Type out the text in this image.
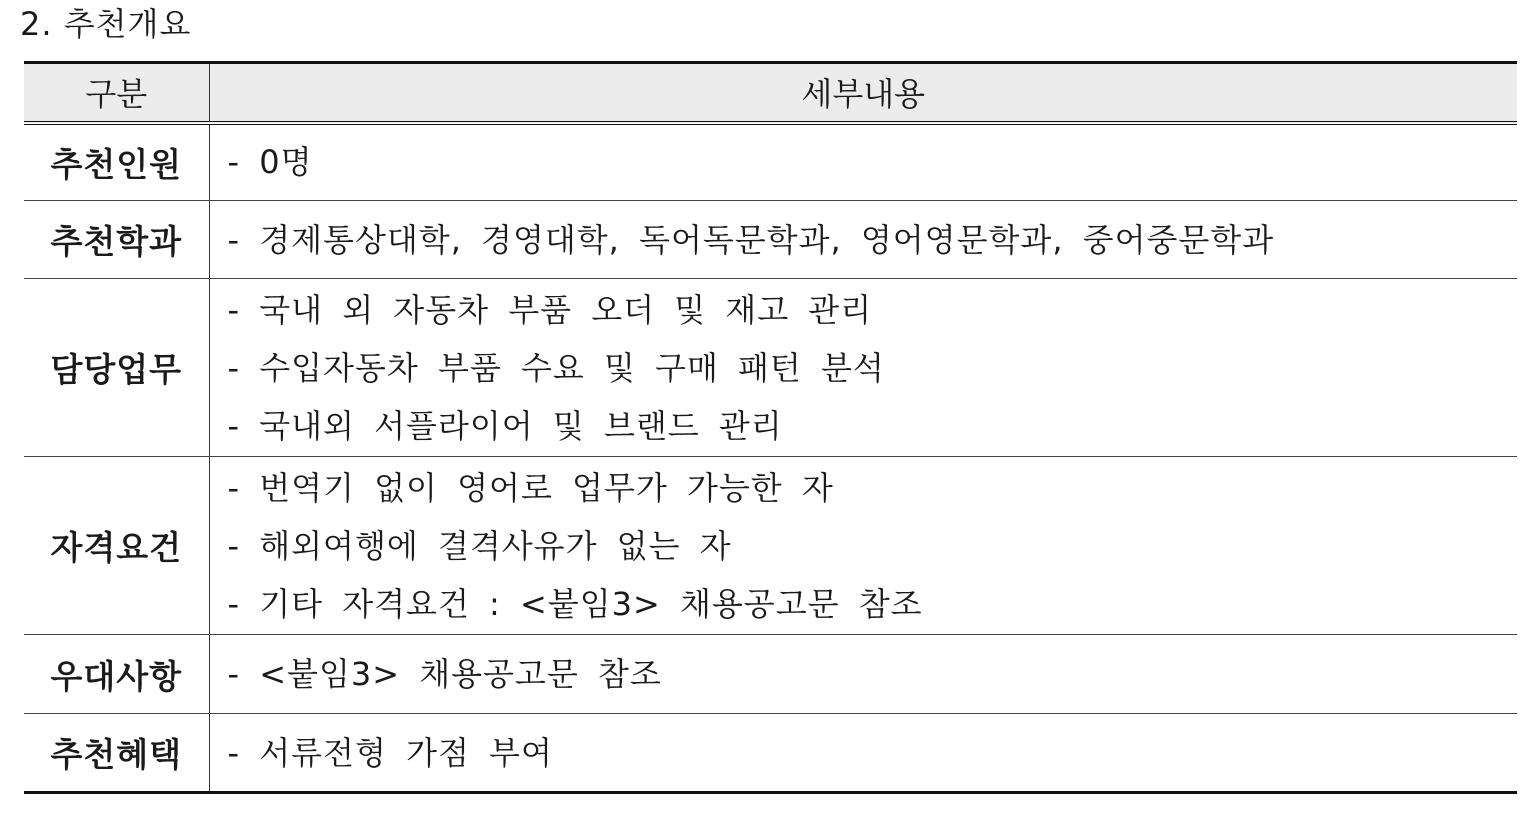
2. 추천개요
구분	세부내용
추천인원	- 0명

추천학과	- 경제통상대학, 경영대학, 독어독문학과, 영어영문학과, 중어중문학과

담당업무	- 국내 외 자동차 부품 오더 및 재고 관리
- 수입자동차 부품 수요 및 구매 패턴 분석
- 국내외 서플라이어 및 브랜드 관리

자격요건	- 번역기 없이 영어로 업무가 가능한 자
- 해외여행에 결격사유가 없는 자
- 기타 자격요건 : <붙임3> 채용공고문 참조

우대사항	- <붙임3> 채용공고문 참조

추천혜택	- 서류전형 가점 부여
